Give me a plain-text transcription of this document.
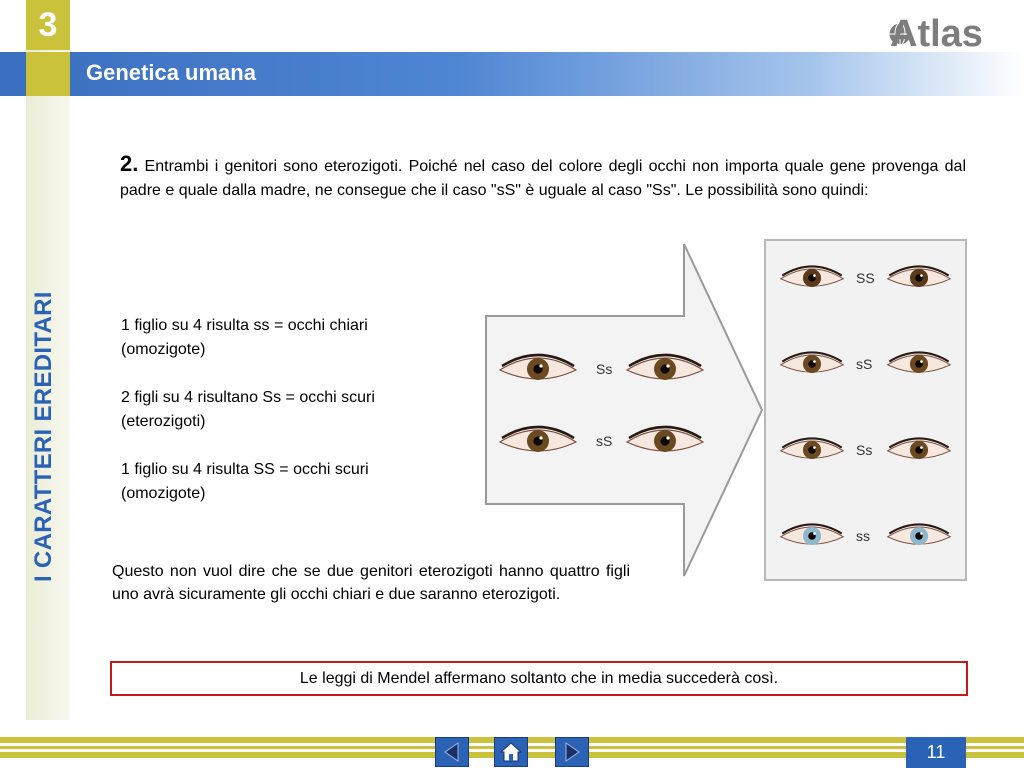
3
Genetica umana
Atlas
I CARATTERI EREDITARI
2. Entrambi i genitori sono eterozigoti. Poiché nel caso del colore degli occhi non importa quale gene provenga dal padre e quale dalla madre, ne consegue che il caso "sS" è uguale al caso "Ss". Le possibilità sono quindi:

1 figlio su 4 risulta ss = occhi chiari
(omozigote)

2 figli su 4 risultano Ss = occhi scuri
(eterozigoti)

1 figlio su 4 risulta SS = occhi scuri
(omozigote)

Ss
sS
SS
sS
Ss
ss
Questo non vuol dire che se due genitori eterozigoti hanno quattro figli uno avrà sicuramente gli occhi chiari e due saranno eterozigoti.
Le leggi di Mendel affermano soltanto che in media succederà così.
11
